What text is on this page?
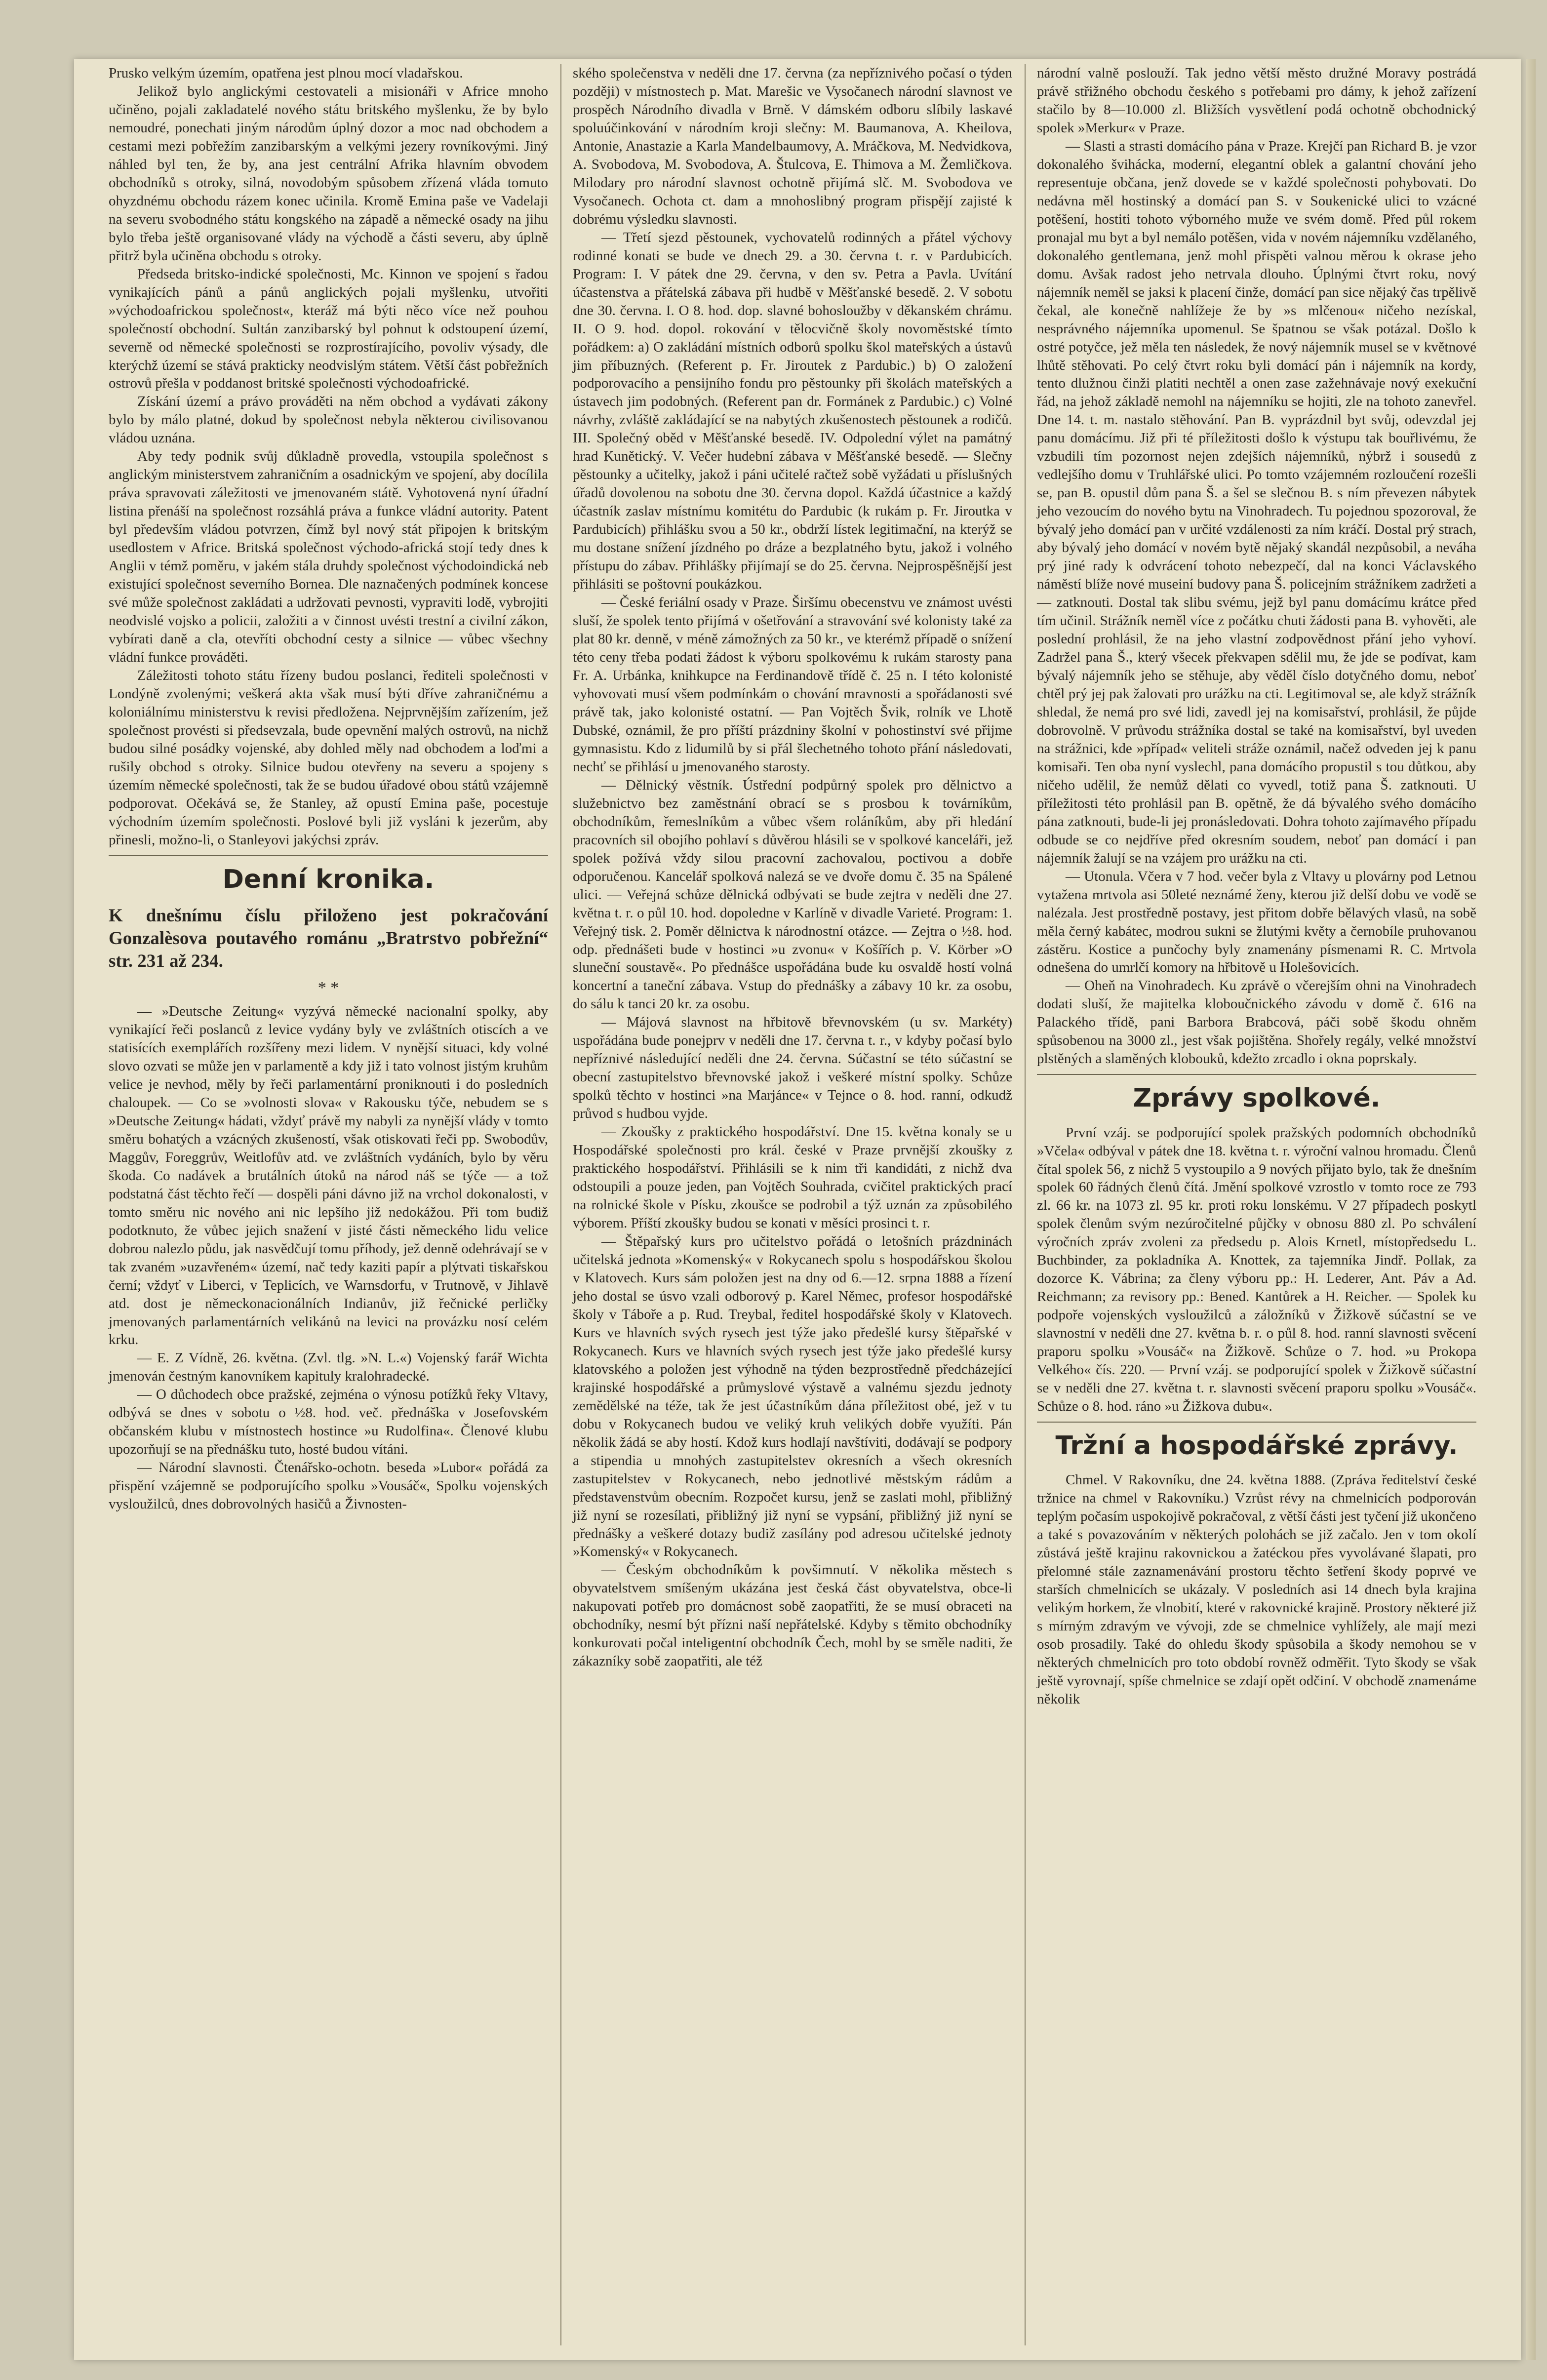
Prusko velkým územím, opatřena jest plnou mocí vladařskou.

Jelikož bylo anglickými cestovateli a misionáři v Africe mnoho učiněno, pojali zakladatelé nového státu britského myšlenku, že by bylo nemoudré, ponechati jiným národům úplný dozor a moc nad obchodem a cestami mezi pobřežím zanzibarským a velkými jezery rovníkovými. Jiný náhled byl ten, že by, ana jest centrální Afrika hlavním obvodem obchodníků s otroky, silná, novodobým spůsobem zřízená vláda tomuto ohyzdnému obchodu rázem konec učinila. Kromě Emina paše ve Vadelaji na severu svobodného státu kongského na západě a německé osady na jihu bylo třeba ještě organisované vlády na východě a části severu, aby úplně přitrž byla učiněna obchodu s otroky.

Předseda britsko-indické společnosti, Mc. Kinnon ve spojení s řadou vynikajících pánů a pánů anglických pojali myšlenku, utvořiti »východoafrickou společnost«, kteráž má býti něco více než pouhou společností obchodní. Sultán zanzibarský byl pohnut k odstoupení území, severně od německé společnosti se rozprostírajícího, povoliv výsady, dle kterýchž území se stává prakticky neodvislým státem. Větší část pobřežních ostrovů přešla v poddanost britské společnosti východoafrické.

Získání území a právo prováděti na něm obchod a vydávati zákony bylo by málo platné, dokud by společnost nebyla některou civilisovanou vládou uznána.

Aby tedy podnik svůj důkladně provedla, vstoupila společnost s anglickým ministerstvem zahraničním a osadnickým ve spojení, aby docílila práva spravovati záležitosti ve jmenovaném státě. Vyhotovená nyní úřadní listina přenáší na společnost rozsáhlá práva a funkce vládní autority. Patent byl především vládou potvrzen, čímž byl nový stát připojen k britským usedlostem v Africe. Britská společnost východo-africká stojí tedy dnes k Anglii v témž poměru, v jakém stála druhdy společnost východoindická neb existující společnost severního Bornea. Dle naznačených podmínek koncese své může společnost zakládati a udržovati pevnosti, vypraviti lodě, vybrojiti neodvislé vojsko a policii, založiti a v činnost uvésti trestní a civilní zákon, vybírati daně a cla, otevříti obchodní cesty a silnice — vůbec všechny vládní funkce prováděti.

Záležitosti tohoto státu řízeny budou poslanci, řediteli společnosti v Londýně zvolenými; veškerá akta však musí býti dříve zahraničnému a koloniálnímu ministerstvu k revisi předložena. Nejprvnějším zařízením, jež společnost provésti si předsevzala, bude opevnění malých ostrovů, na nichž budou silné posádky vojenské, aby dohled měly nad obchodem a loďmi a rušily obchod s otroky. Silnice budou otevřeny na severu a spojeny s územím německé společnosti, tak že se budou úřadové obou států vzájemně podporovat. Očekává se, že Stanley, až opustí Emina paše, pocestuje východním územím společnosti. Poslové byli již vysláni k jezerům, aby přinesli, možno-li, o Stanleyovi jakýchsi zpráv.

Denní kronika.
K dnešnímu číslu přiloženo jest pokračování Gonzalèsova poutavého románu „Bratrstvo pobřežní“ str. 231 až 234.
* *

— »Deutsche Zeitung« vyzývá německé nacionalní spolky, aby vynikající řeči poslanců z levice vydány byly ve zvláštních otiscích a ve statisících exemplářích rozšířeny mezi lidem. V nynější situaci, kdy volné slovo ozvati se může jen v parlamentě a kdy již i tato volnost jistým kruhům velice je nevhod, měly by řeči parlamentární proniknouti i do posledních chaloupek. — Co se »volnosti slova« v Rakousku týče, nebudem se s »Deutsche Zeitung« hádati, vždyť právě my nabyli za nynější vlády v tomto směru bohatých a vzácných zkušeností, však otiskovati řeči pp. Swobodův, Maggův, Foreggrův, Weitlofův atd. ve zvláštních vydáních, bylo by věru škoda. Co nadávek a brutálních útoků na národ náš se týče — a tož podstatná část těchto řečí — dospěli páni dávno již na vrchol dokonalosti, v tomto směru nic nového ani nic lepšího již nedokážou. Při tom budiž podotknuto, že vůbec jejich snažení v jisté části německého lidu velice dobrou nalezlo půdu, jak nasvědčují tomu příhody, jež denně odehrávají se v tak zvaném »uzavřeném« území, nač tedy kaziti papír a plýtvati tiskařskou černí; vždyť v Liberci, v Teplicích, ve Warnsdorfu, v Trutnově, v Jihlavě atd. dost je německonacionálních Indianův, již řečnické perličky jmenovaných parlamentárních velikánů na levici na provázku nosí celém krku.

— E. Z Vídně, 26. května. (Zvl. tlg. »N. L.«) Vojenský farář Wichta jmenován čestným kanovníkem kapituly kralohradecké.

— O důchodech obce pražské, zejména o výnosu potížků řeky Vltavy, odbývá se dnes v sobotu o ½8. hod. več. přednáška v Josefovském občanském klubu v místnostech hostince »u Rudolfina«. Členové klubu upozorňují se na přednášku tuto, hosté budou vítáni.

— Národní slavnosti. Čtenářsko-ochotn. beseda »Lubor« pořádá za přispění vzájemně se podporujícího spolku »Vousáč«, Spolku vojenských vysloužilců, dnes dobrovolných hasičů a Živnosten-

ského společenstva v neděli dne 17. června (za nepříznivého počasí o týden později) v místnostech p. Mat. Marešic ve Vysočanech národní slavnost ve prospěch Národního divadla v Brně. V dámském odboru slíbily laskavé spoluúčinkování v národním kroji slečny: M. Baumanova, A. Kheilova, Antonie, Anastazie a Karla Mandelbaumovy, A. Mráčkova, M. Nedvidkova, A. Svobodova, M. Svobodova, A. Štulcova, E. Thimova a M. Žemličkova. Milodary pro národní slavnost ochotně přijímá slč. M. Svobodova ve Vysočanech. Ochota ct. dam a mnohoslibný program přispějí zajisté k dobrému výsledku slavnosti.

— Třetí sjezd pěstounek, vychovatelů rodinných a přátel výchovy rodinné konati se bude ve dnech 29. a 30. června t. r. v Pardubicích. Program: I. V pátek dne 29. června, v den sv. Petra a Pavla. Uvítání účastenstva a přátelská zábava při hudbě v Měšťanské besedě. 2. V sobotu dne 30. června. I. O 8. hod. dop. slavné bohosloužby v děkanském chrámu. II. O 9. hod. dopol. rokování v tělocvičně školy novoměstské tímto pořádkem: a) O zakládání místních odborů spolku škol mateřských a ústavů jim příbuzných. (Referent p. Fr. Jiroutek z Pardubic.) b) O založení podporovacího a pensijního fondu pro pěstounky při školách mateřských a ústavech jim podobných. (Referent pan dr. Formánek z Pardubic.) c) Volné návrhy, zvláště zakládající se na nabytých zkušenostech pěstounek a rodičů. III. Společný oběd v Měšťanské besedě. IV. Odpolední výlet na památný hrad Kunětický. V. Večer hudební zábava v Měšťanské besedě. — Slečny pěstounky a učitelky, jakož i páni učitelé račtež sobě vyžádati u příslušných úřadů dovolenou na sobotu dne 30. června dopol. Každá účastnice a každý účastník zaslav místnímu komitétu do Pardubic (k rukám p. Fr. Jiroutka v Pardubicích) přihlášku svou a 50 kr., obdrží lístek legitimační, na kterýž se mu dostane snížení jízdného po dráze a bezplatného bytu, jakož i volného přístupu do zábav. Přihlášky přijímají se do 25. června. Nejprospěšnější jest přihlásiti se poštovní poukázkou.

— České feriální osady v Praze. Širšímu obecenstvu ve známost uvésti sluší, že spolek tento přijímá v ošetřování a stravování své kolonisty také za plat 80 kr. denně, v méně zámožných za 50 kr., ve kterémž případě o snížení této ceny třeba podati žádost k výboru spolkovému k rukám starosty pana Fr. A. Urbánka, knihkupce na Ferdinandově třídě č. 25 n. I této kolonisté vyhovovati musí všem podmínkám o chování mravnosti a spořádanosti své právě tak, jako kolonisté ostatní. — Pan Vojtěch Švik, rolník ve Lhotě Dubské, oznámil, že pro příští prázdniny školní v pohostinství své přijme gymnasistu. Kdo z lidumilů by si přál šlechetného tohoto přání následovati, nechť se přihlásí u jmenovaného starosty.

— Dělnický věstník. Ústřední podpůrný spolek pro dělnictvo a služebnictvo bez zaměstnání obrací se s prosbou k továrníkům, obchodníkům, řemeslníkům a vůbec všem roláníkům, aby při hledání pracovních sil obojího pohlaví s důvěrou hlásili se v spolkové kanceláři, jež spolek požívá vždy silou pracovní zachovalou, poctivou a dobře odporučenou. Kancelář spolková nalezá se ve dvoře domu č. 35 na Spálené ulici. — Veřejná schůze dělnická odbývati se bude zejtra v neděli dne 27. května t. r. o půl 10. hod. dopoledne v Karlíně v divadle Varieté. Program: 1. Veřejný tisk. 2. Poměr dělnictva k národnostní otázce. — Zejtra o ½8. hod. odp. přednášeti bude v hostinci »u zvonu« v Košířích p. V. Körber »O sluneční soustavě«. Po přednášce uspořádána bude ku osvaldě hostí volná koncertní a taneční zábava. Vstup do přednášky a zábavy 10 kr. za osobu, do sálu k tanci 20 kr. za osobu.

— Májová slavnost na hřbitově břevnovském (u sv. Markéty) uspořádána bude ponejprv v neděli dne 17. června t. r., v kdyby počasí bylo nepříznivé následující neděli dne 24. června. Súčastní se této súčastní se obecní zastupitelstvo břevnovské jakož i veškeré místní spolky. Schůze spolků těchto v hostinci »na Marjánce« v Tejnce o 8. hod. ranní, odkudž průvod s hudbou vyjde.

— Zkoušky z praktického hospodářství. Dne 15. května konaly se u Hospodářské společnosti pro král. české v Praze prvnější zkoušky z praktického hospodářství. Přihlásili se k nim tři kandidáti, z nichž dva odstoupili a pouze jeden, pan Vojtěch Souhrada, cvičitel praktických prací na rolnické škole v Písku, zkoušce se podrobil a týž uznán za způsobilého výborem. Příští zkoušky budou se konati v měsíci prosinci t. r.

— Štěpařský kurs pro učitelstvo pořádá o letošních prázdninách učitelská jednota »Komenský« v Rokycanech spolu s hospodářskou školou v Klatovech. Kurs sám položen jest na dny od 6.—12. srpna 1888 a řízení jeho dostal se úsvo vzali odborový p. Karel Němec, profesor hospodářské školy v Táboře a p. Rud. Treybal, ředitel hospodářské školy v Klatovech. Kurs ve hlavních svých rysech jest týže jako předešlé kursy štěpařské v Rokycanech. Kurs ve hlavních svých rysech jest týže jako předešlé kursy klatovského a položen jest výhodně na týden bezprostředně předcházející krajinské hospodářské a průmyslové výstavě a valnému sjezdu jednoty zemědělské na téže, tak že jest účastníkům dána příležitost obé, jež v tu dobu v Rokycanech budou ve veliký kruh velikých dobře využíti. Pán několik žádá se aby hostí. Kdož kurs hodlají navštíviti, dodávají se podpory a stipendia u mnohých zastupitelstev okresních a všech okresních zastupitelstev v Rokycanech, nebo jednotlivé městským rádům a představenstvům obecním. Rozpočet kursu, jenž se zaslati mohl, přibližný již nyní se rozesílati, přibližný již nyní se vypsání, přibližný již nyní se přednášky a veškeré dotazy budiž zasílány pod adresou učitelské jednoty »Komenský« v Rokycanech.

— Českým obchodníkům k povšimnutí. V několika městech s obyvatelstvem smíšeným ukázána jest česká část obyvatelstva, obce-li nakupovati potřeb pro domácnost sobě zaopatřiti, že se musí obraceti na obchodníky, nesmí být přízni naší nepřátelské. Kdyby s těmito obchodníky konkurovati počal inteligentní obchodník Čech, mohl by se směle naditi, že zákazníky sobě zaopatřiti, ale též

národní valně poslouží. Tak jedno větší město družné Moravy postrádá právě střižného obchodu českého s potřebami pro dámy, k jehož zařízení stačilo by 8—10.000 zl. Bližších vysvětlení podá ochotně obchodnický spolek »Merkur« v Praze.

— Slasti a strasti domácího pána v Praze. Krejčí pan Richard B. je vzor dokonalého švihácka, moderní, elegantní oblek a galantní chování jeho representuje občana, jenž dovede se v každé společnosti pohybovati. Do nedávna měl hostinský a domácí pan S. v Soukenické ulici to vzácné potěšení, hostiti tohoto výborného muže ve svém domě. Před půl rokem pronajal mu byt a byl nemálo potěšen, vida v novém nájemníku vzdělaného, dokonalého gentlemana, jenž mohl přispěti valnou měrou k okrase jeho domu. Avšak radost jeho netrvala dlouho. Úplnými čtvrt roku, nový nájemník neměl se jaksi k placení činže, domácí pan sice nějaký čas trpělivě čekal, ale konečně nahlížeje že by »s mlčenou« ničeho nezískal, nesprávného nájemníka upomenul. Se špatnou se však potázal. Došlo k ostré potyčce, jež měla ten následek, že nový nájemník musel se v květnové lhůtě stěhovati. Po celý čtvrt roku byli domácí pán i nájemník na kordy, tento dlužnou činži platiti nechtěl a onen zase zažehnávaje nový exekuční řád, na jehož základě nemohl na nájemníku se hojiti, zle na tohoto zanevřel. Dne 14. t. m. nastalo stěhování. Pan B. vyprázdnil byt svůj, odevzdal jej panu domácímu. Již při té příležitosti došlo k výstupu tak bouřlivému, že vzbudili tím pozornost nejen zdejších nájemníků, nýbrž i sousedů z vedlejšího domu v Truhlářské ulici. Po tomto vzájemném rozloučení rozešli se, pan B. opustil dům pana Š. a šel se slečnou B. s ním převezen nábytek jeho vezoucím do nového bytu na Vinohradech. Tu pojednou spozoroval, že bývalý jeho domácí pan v určité vzdálenosti za ním kráčí. Dostal prý strach, aby bývalý jeho domácí v novém bytě nějaký skandál nezpůsobil, a neváha prý jiné rady k odvrácení tohoto nebezpečí, dal na konci Václavského náměstí blíže nové museiní budovy pana Š. policejním strážníkem zadržeti a — zatknouti. Dostal tak slibu svému, jejž byl panu domácímu krátce před tím učinil. Strážník neměl více z počátku chuti žádosti pana B. vyhověti, ale poslední prohlásil, že na jeho vlastní zodpovědnost přání jeho vyhoví. Zadržel pana Š., který všecek překvapen sdělil mu, že jde se podívat, kam bývalý nájemník jeho se stěhuje, aby věděl číslo dotyčného domu, neboť chtěl prý jej pak žalovati pro urážku na cti. Legitimoval se, ale když strážník shledal, že nemá pro své lidi, zavedl jej na komisařství, prohlásil, že půjde dobrovolně. V průvodu strážníka dostal se také na komisařství, byl uveden na strážnici, kde »případ« veliteli stráže oznámil, načež odveden jej k panu komisaři. Ten oba nyní vyslechl, pana domácího propustil s tou důtkou, aby ničeho udělil, že nemůž dělati co vyvedl, totiž pana Š. zatknouti. U příležitosti této prohlásil pan B. opětně, že dá bývalého svého domácího pána zatknouti, bude-li jej pronásledovati. Dohra tohoto zajímavého případu odbude se co nejdříve před okresním soudem, neboť pan domácí i pan nájemník žalují se na vzájem pro urážku na cti.

— Utonula. Včera v 7 hod. večer byla z Vltavy u plovárny pod Letnou vytažena mrtvola asi 50leté neznámé ženy, kterou již delší dobu ve vodě se nalézala. Jest prostředně postavy, jest přitom dobře bělavých vlasů, na sobě měla černý kabátec, modrou sukni se žlutými květy a černobíle pruhovanou zástěru. Kostice a punčochy byly znamenány písmenami R. C. Mrtvola odnešena do umrlčí komory na hřbitově u Holešovicích.

— Oheň na Vinohradech. Ku zprávě o včerejším ohni na Vinohradech dodati sluší, že majitelka kloboučnického závodu v domě č. 616 na Palackého třídě, pani Barbora Brabcová, páči sobě škodu ohněm spůsobenou na 3000 zl., jest však pojištěna. Shořely regály, velké množství plstěných a slaměných klobouků, kdežto zrcadlo i okna poprskaly.

Zprávy spolkové.

První vzáj. se podporující spolek pražských podomních obchodníků »Včela« odbýval v pátek dne 18. května t. r. výroční valnou hromadu. Členů čítal spolek 56, z nichž 5 vystoupilo a 9 nových přijato bylo, tak že dnešním spolek 60 řádných členů čítá. Jmění spolkové vzrostlo v tomto roce ze 793 zl. 66 kr. na 1073 zl. 95 kr. proti roku lonskému. V 27 případech poskytl spolek členům svým nezúročitelné půjčky v obnosu 880 zl. Po schválení výročních zpráv zvoleni za předsedu p. Alois Krnetl, místopředsedu L. Buchbinder, za pokladníka A. Knottek, za tajemníka Jindř. Pollak, za dozorce K. Vábrina; za členy výboru pp.: H. Lederer, Ant. Páv a Ad. Reichmann; za revisory pp.: Bened. Kantůrek a H. Reicher. — Spolek ku podpoře vojenských vysloužilců a záložníků v Žižkově súčastní se ve slavnostní v neděli dne 27. května b. r. o půl 8. hod. ranní slavnosti svěcení praporu spolku »Vousáč« na Žižkově. Schůze o 7. hod. »u Prokopa Velkého« čís. 220. — První vzáj. se podporující spolek v Žižkově súčastní se v neděli dne 27. května t. r. slavnosti svěcení praporu spolku »Vousáč«. Schůze o 8. hod. ráno »u Žižkova dubu«.

Tržní a hospodářské zprávy.

Chmel. V Rakovníku, dne 24. května 1888. (Zpráva ředitelství české tržnice na chmel v Rakovníku.) Vzrůst révy na chmelnicích podporován teplým počasím uspokojivě pokračoval, z větší části jest tyčení již ukončeno a také s povazováním v některých polohách se již začalo. Jen v tom okolí zůstává ještě krajinu rakovnickou a žatéckou přes vyvolávané šlapati, pro přelomné stále zaznamenávání prostoru těchto šetření škody poprvé ve starších chmelnicích se ukázaly. V posledních asi 14 dnech byla krajina velikým horkem, že vlnobití, které v rakovnické krajině. Prostory některé již s mírným zdravým ve vývoji, zde se chmelnice vyhlížely, ale mají mezi osob prosadily. Také do ohledu škody spůsobila a škody nemohou se v některých chmelnicích pro toto období rovněž odměřit. Tyto škody se však ještě vyrovnají, spíše chmelnice se zdají opět odčiní. V obchodě znamenáme několik
